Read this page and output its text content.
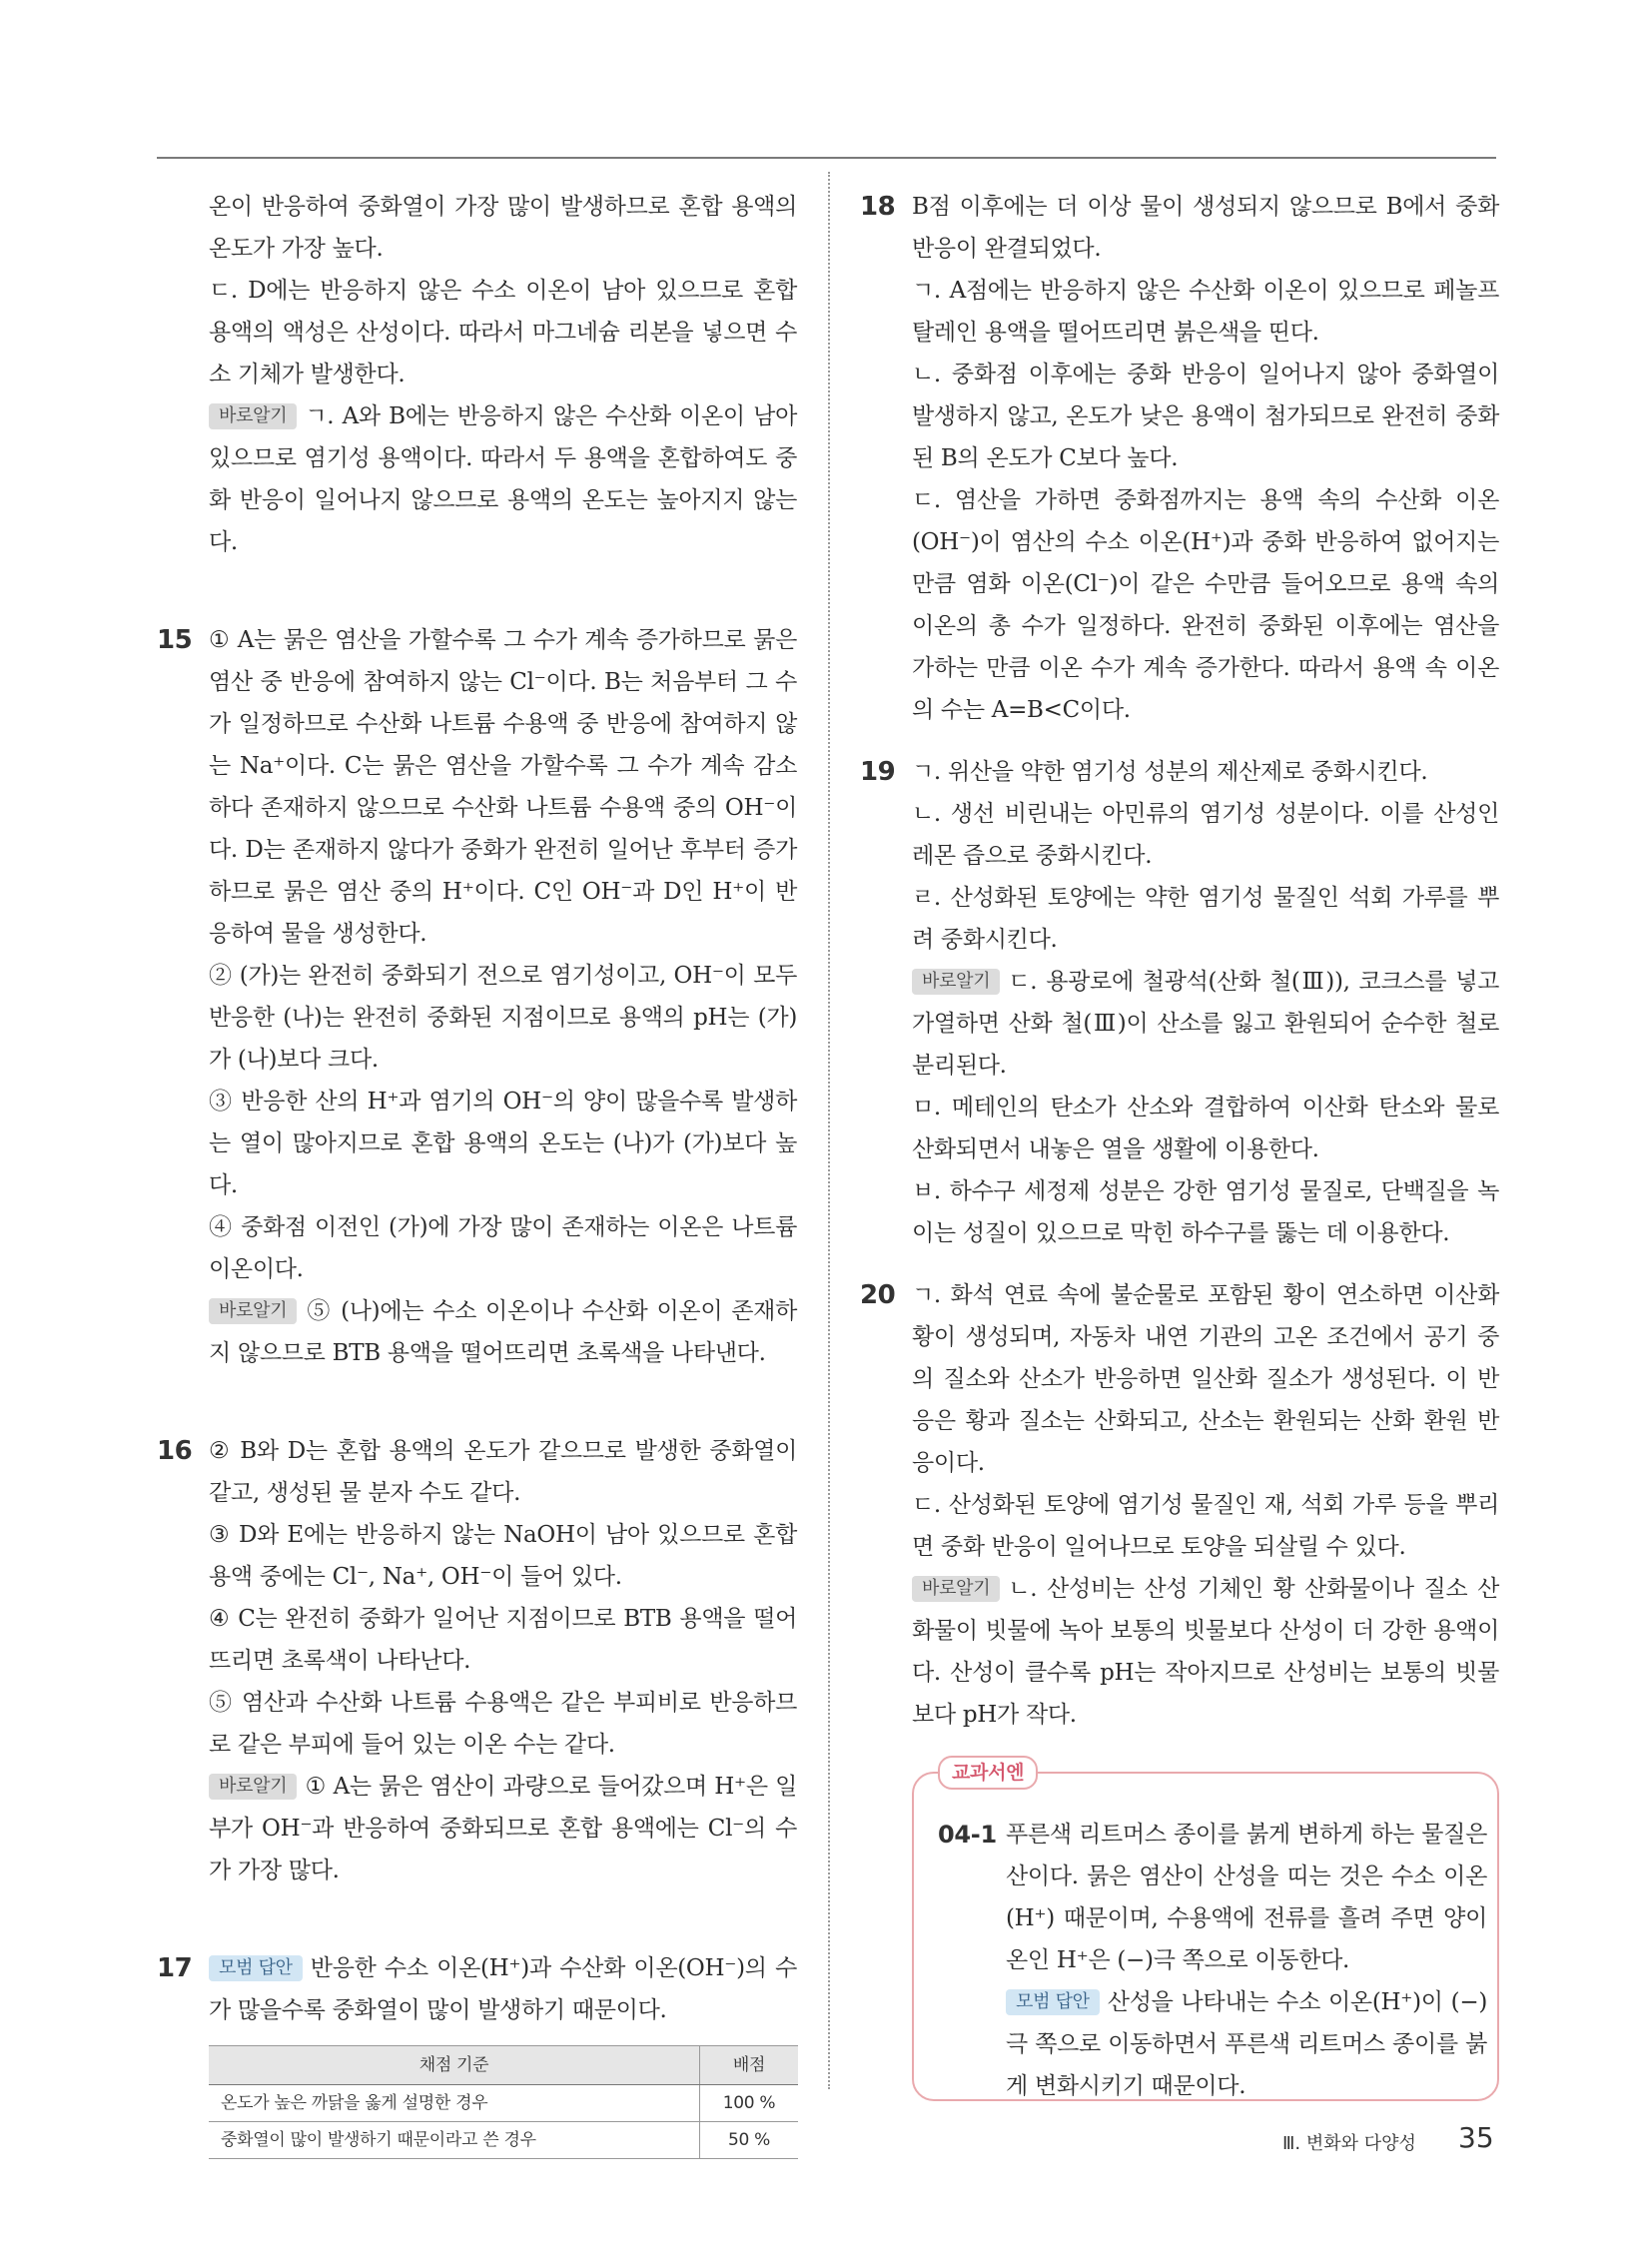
온이 반응하여 중화열이 가장 많이 발생하므로 혼합 용액의 온도가 가장 높다.

ㄷ. D에는 반응하지 않은 수소 이온이 남아 있으므로 혼합 용액의 액성은 산성이다. 따라서 마그네슘 리본을 넣으면 수소 기체가 발생한다.

바로알기 ㄱ. A와 B에는 반응하지 않은 수산화 이온이 남아 있으므로 염기성 용액이다. 따라서 두 용액을 혼합하여도 중화 반응이 일어나지 않으므로 용액의 온도는 높아지지 않는다.

15 ① A는 묽은 염산을 가할수록 그 수가 계속 증가하므로 묽은 염산 중 반응에 참여하지 않는 Cl⁻이다. B는 처음부터 그 수가 일정하므로 수산화 나트륨 수용액 중 반응에 참여하지 않는 Na⁺이다. C는 묽은 염산을 가할수록 그 수가 계속 감소하다 존재하지 않으므로 수산화 나트륨 수용액 중의 OH⁻이다. D는 존재하지 않다가 중화가 완전히 일어난 후부터 증가하므로 묽은 염산 중의 H⁺이다. C인 OH⁻과 D인 H⁺이 반응하여 물을 생성한다.

② (가)는 완전히 중화되기 전으로 염기성이고, OH⁻이 모두 반응한 (나)는 완전히 중화된 지점이므로 용액의 pH는 (가)가 (나)보다 크다.

③ 반응한 산의 H⁺과 염기의 OH⁻의 양이 많을수록 발생하는 열이 많아지므로 혼합 용액의 온도는 (나)가 (가)보다 높다.

④ 중화점 이전인 (가)에 가장 많이 존재하는 이온은 나트륨 이온이다.

바로알기 ⑤ (나)에는 수소 이온이나 수산화 이온이 존재하지 않으므로 BTB 용액을 떨어뜨리면 초록색을 나타낸다.

16 ② B와 D는 혼합 용액의 온도가 같으므로 발생한 중화열이 같고, 생성된 물 분자 수도 같다.

③ D와 E에는 반응하지 않는 NaOH이 남아 있으므로 혼합 용액 중에는 Cl⁻, Na⁺, OH⁻이 들어 있다.

④ C는 완전히 중화가 일어난 지점이므로 BTB 용액을 떨어뜨리면 초록색이 나타난다.

⑤ 염산과 수산화 나트륨 수용액은 같은 부피비로 반응하므로 같은 부피에 들어 있는 이온 수는 같다.

바로알기 ① A는 묽은 염산이 과량으로 들어갔으며 H⁺은 일부가 OH⁻과 반응하여 중화되므로 혼합 용액에는 Cl⁻의 수가 가장 많다.

17	모범 답안 반응한 수소 이온(H⁺)과 수산화 이온(OH⁻)의 수가 많을수록 중화열이 많이 발생하기 때문이다.

채점 기준	배점
온도가 높은 까닭을 옳게 설명한 경우	100 %
중화열이 많이 발생하기 때문이라고 쓴 경우	50 %
18 B점 이후에는 더 이상 물이 생성되지 않으므로 B에서 중화 반응이 완결되었다.

ㄱ. A점에는 반응하지 않은 수산화 이온이 있으므로 페놀프탈레인 용액을 떨어뜨리면 붉은색을 띤다.

ㄴ. 중화점 이후에는 중화 반응이 일어나지 않아 중화열이 발생하지 않고, 온도가 낮은 용액이 첨가되므로 완전히 중화된 B의 온도가 C보다 높다.

ㄷ. 염산을 가하면 중화점까지는 용액 속의 수산화 이온(OH⁻)이 염산의 수소 이온(H⁺)과 중화 반응하여 없어지는 만큼 염화 이온(Cl⁻)이 같은 수만큼 들어오므로 용액 속의 이온의 총 수가 일정하다. 완전히 중화된 이후에는 염산을 가하는 만큼 이온 수가 계속 증가한다. 따라서 용액 속 이온의 수는 A=B<C이다.

19 ㄱ. 위산을 약한 염기성 성분의 제산제로 중화시킨다.

ㄴ. 생선 비린내는 아민류의 염기성 성분이다. 이를 산성인 레몬 즙으로 중화시킨다.

ㄹ. 산성화된 토양에는 약한 염기성 물질인 석회 가루를 뿌려 중화시킨다.

바로알기 ㄷ. 용광로에 철광석(산화 철(Ⅲ)), 코크스를 넣고 가열하면 산화 철(Ⅲ)이 산소를 잃고 환원되어 순수한 철로 분리된다.

ㅁ. 메테인의 탄소가 산소와 결합하여 이산화 탄소와 물로 산화되면서 내놓은 열을 생활에 이용한다.

ㅂ. 하수구 세정제 성분은 강한 염기성 물질로, 단백질을 녹이는 성질이 있으므로 막힌 하수구를 뚫는 데 이용한다.

20 ㄱ. 화석 연료 속에 불순물로 포함된 황이 연소하면 이산화 황이 생성되며, 자동차 내연 기관의 고온 조건에서 공기 중의 질소와 산소가 반응하면 일산화 질소가 생성된다. 이 반응은 황과 질소는 산화되고, 산소는 환원되는 산화 환원 반응이다.

ㄷ. 산성화된 토양에 염기성 물질인 재, 석회 가루 등을 뿌리면 중화 반응이 일어나므로 토양을 되살릴 수 있다.

바로알기 ㄴ. 산성비는 산성 기체인 황 산화물이나 질소 산화물이 빗물에 녹아 보통의 빗물보다 산성이 더 강한 용액이다. 산성이 클수록 pH는 작아지므로 산성비는 보통의 빗물보다 pH가 작다.

교과서엔
04-1 푸른색 리트머스 종이를 붉게 변하게 하는 물질은 산이다. 묽은 염산이 산성을 띠는 것은 수소 이온(H⁺) 때문이며, 수용액에 전류를 흘려 주면 양이온인 H⁺은 (−)극 쪽으로 이동한다.

모범 답안 산성을 나타내는 수소 이온(H⁺)이 (−)극 쪽으로 이동하면서 푸른색 리트머스 종이를 붉게 변화시키기 때문이다.

Ⅲ. 변화와 다양성 35
